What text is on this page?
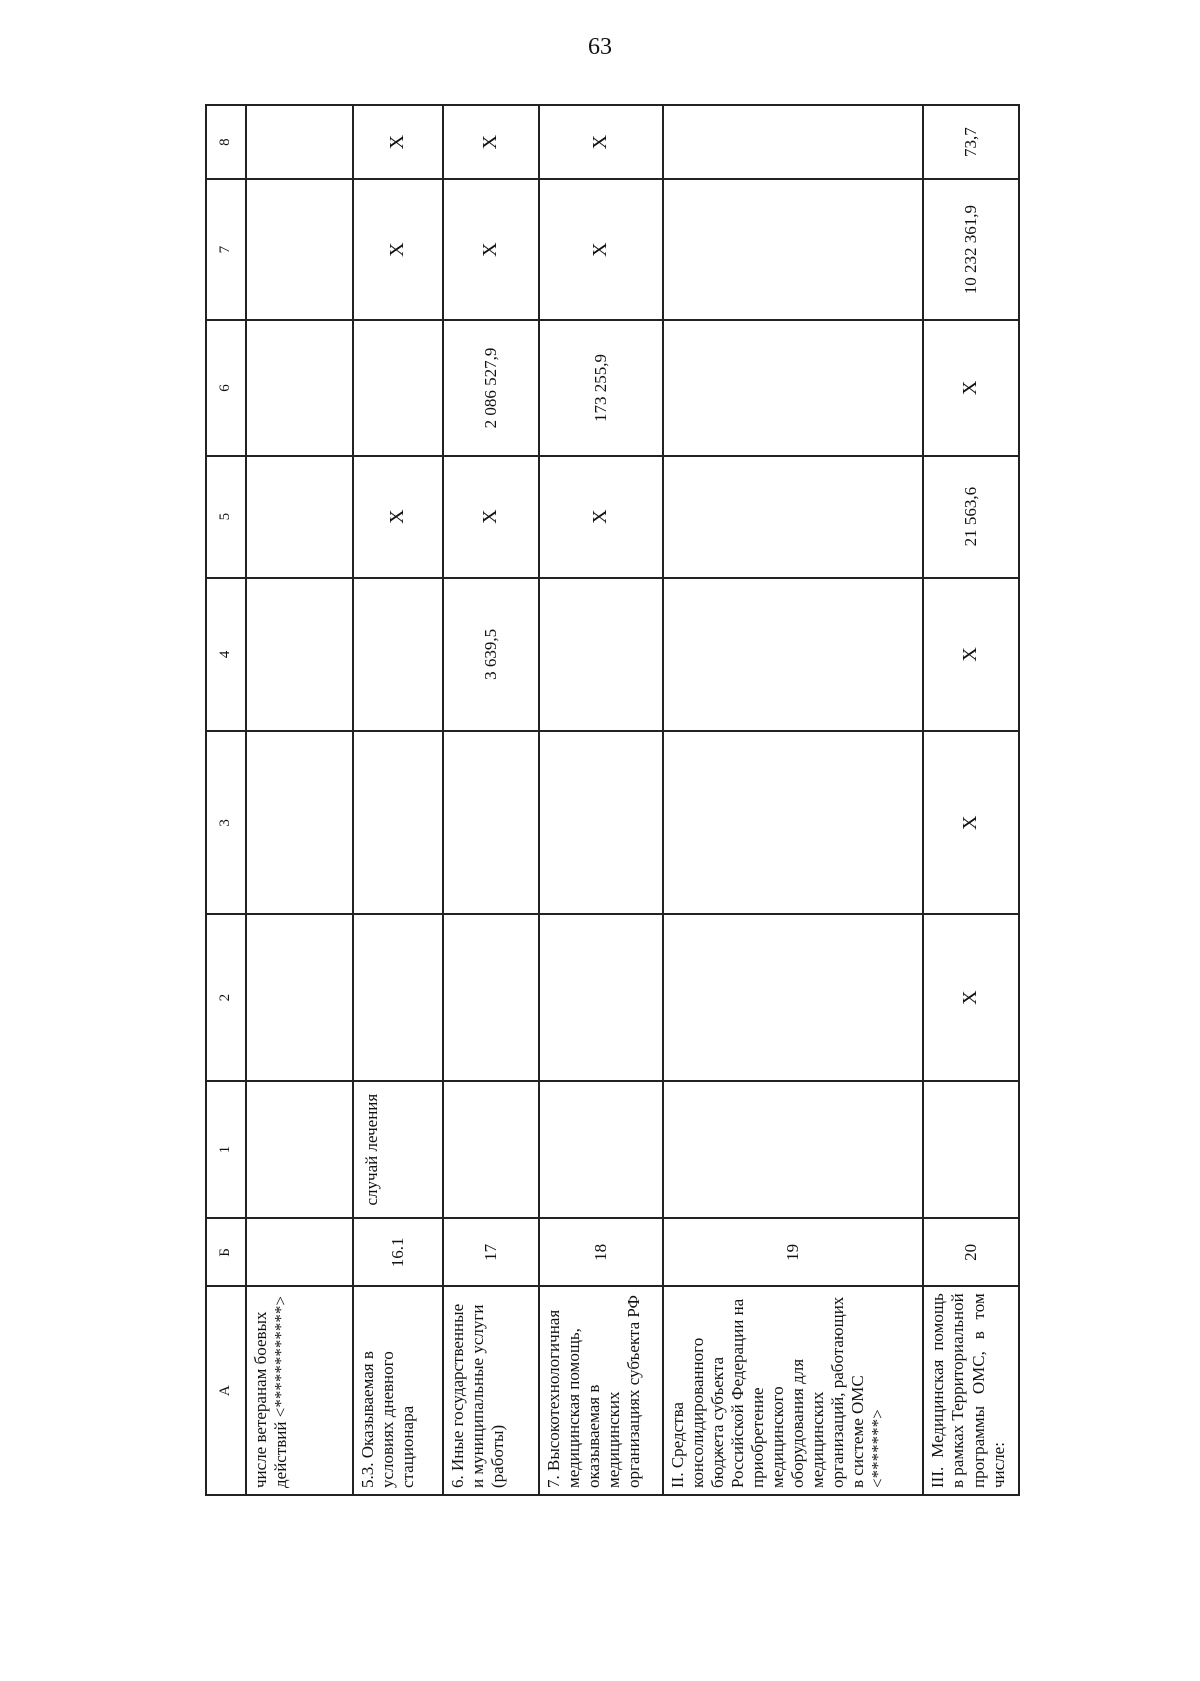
63
А	Б	1	2	3	4	5	6	7	8
числе ветеранам боевых действий <************>									
5.3. Оказываемая в условиях дневного стационара	16.1	случай лечения				X		X	X
6. Иные государственные и муниципальные услуги (работы)	17				3 639,5	X	2 086 527,9	X	X
7. Высокотехнологичная медицинская помощь, оказываемая в медицинских организациях субъекта РФ	18					X	173 255,9	X	X
II. Средства консолидированного бюджета субъекта Российской Федерации на приобретение медицинского оборудования для медицинских организаций, работающих в системе ОМС <*******>	19								
III. Медицинская помощь в рамках Территориальной программы ОМС, в том числе:	20		X	X	X	21 563,6	X	10 232 361,9	73,7
